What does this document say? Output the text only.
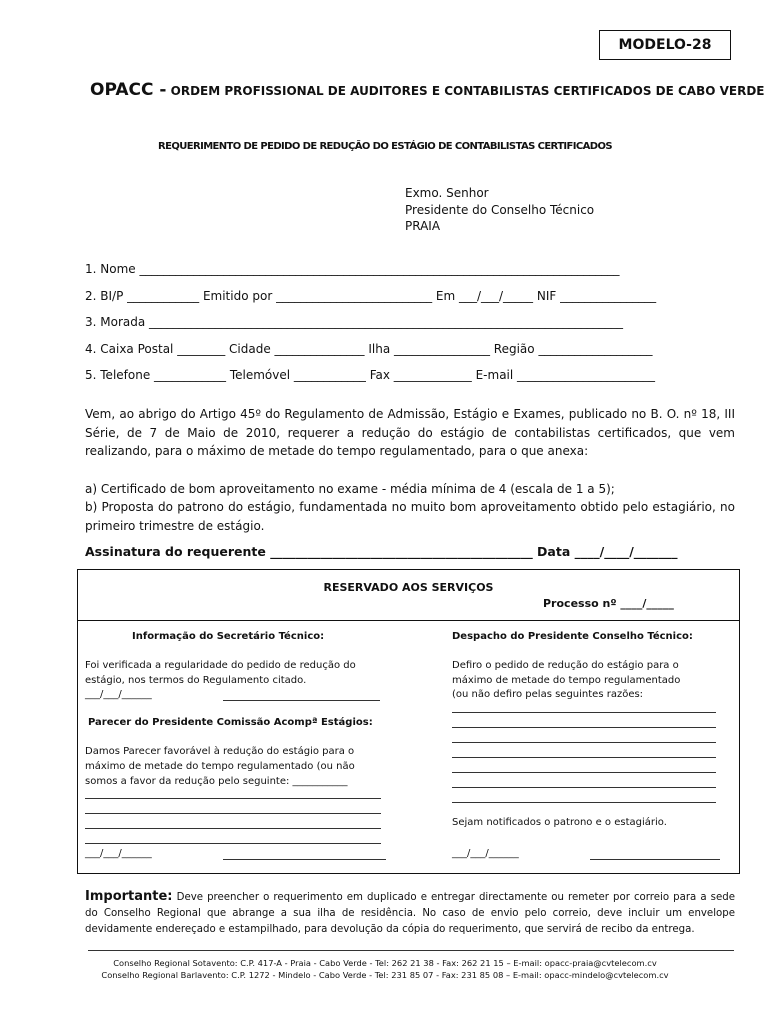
MODELO-28
OPACC - ORDEM PROFISSIONAL DE AUDITORES E CONTABILISTAS CERTIFICADOS DE CABO VERDE
REQUERIMENTO DE PEDIDO DE REDUÇÃO DO ESTÁGIO DE CONTABILISTAS CERTIFICADOS
Exmo. Senhor
Presidente do Conselho Técnico
PRAIA
1. Nome ________________________________________________________________________________
2. BI/P ____________ Emitido por __________________________ Em ___/___/_____ NIF ________________
3. Morada _______________________________________________________________________________
4. Caixa Postal ________ Cidade _______________ Ilha ________________ Região ___________________
5. Telefone ____________ Telemóvel ____________ Fax _____________ E-mail _______________________
Vem, ao abrigo do Artigo 45º do Regulamento de Admissão, Estágio e Exames, publicado no B. O. nº 18, III Série, de 7 de Maio de 2010, requerer a redução do estágio de contabilistas certificados, que vem realizando, para o máximo de metade do tempo regulamentado, para o que anexa:
a) Certificado de bom aproveitamento no exame - média mínima de 4 (escala de 1 a 5);
b) Proposta do patrono do estágio, fundamentada no muito bom aproveitamento obtido pelo estagiário, no primeiro trimestre de estágio.
Assinatura do requerente __________________________________________ Data ____/____/_______
RESERVADO AOS SERVIÇOS
Processo nº ____/_____
Informação do Secretário Técnico:
Foi verificada a regularidade do pedido de redução do
estágio, nos termos do Regulamento citado.
___/___/______
Parecer do Presidente Comissão Acompª Estágios:
Damos Parecer favorável à redução do estágio para o
máximo de metade do tempo regulamentado (ou não
somos a favor da redução pelo seguinte: ___________
___/___/______
Despacho do Presidente Conselho Técnico:
Defiro o pedido de redução do estágio para o
máximo de metade do tempo regulamentado
(ou não defiro pelas seguintes razões:
Sejam notificados o patrono e o estagiário.
___/___/______
Importante: Deve preencher o requerimento em duplicado e entregar directamente ou remeter por correio para a sede do Conselho Regional que abrange a sua ilha de residência. No caso de envio pelo correio, deve incluir um envelope devidamente endereçado e estampilhado, para devolução da cópia do requerimento, que servirá de recibo da entrega.
Conselho Regional Sotavento: C.P. 417-A - Praia - Cabo Verde - Tel: 262 21 38 - Fax: 262 21 15 – E-mail: opacc-praia@cvtelecom.cv
Conselho Regional Barlavento: C.P. 1272 - Mindelo - Cabo Verde - Tel: 231 85 07 - Fax: 231 85 08 – E-mail: opacc-mindelo@cvtelecom.cv
